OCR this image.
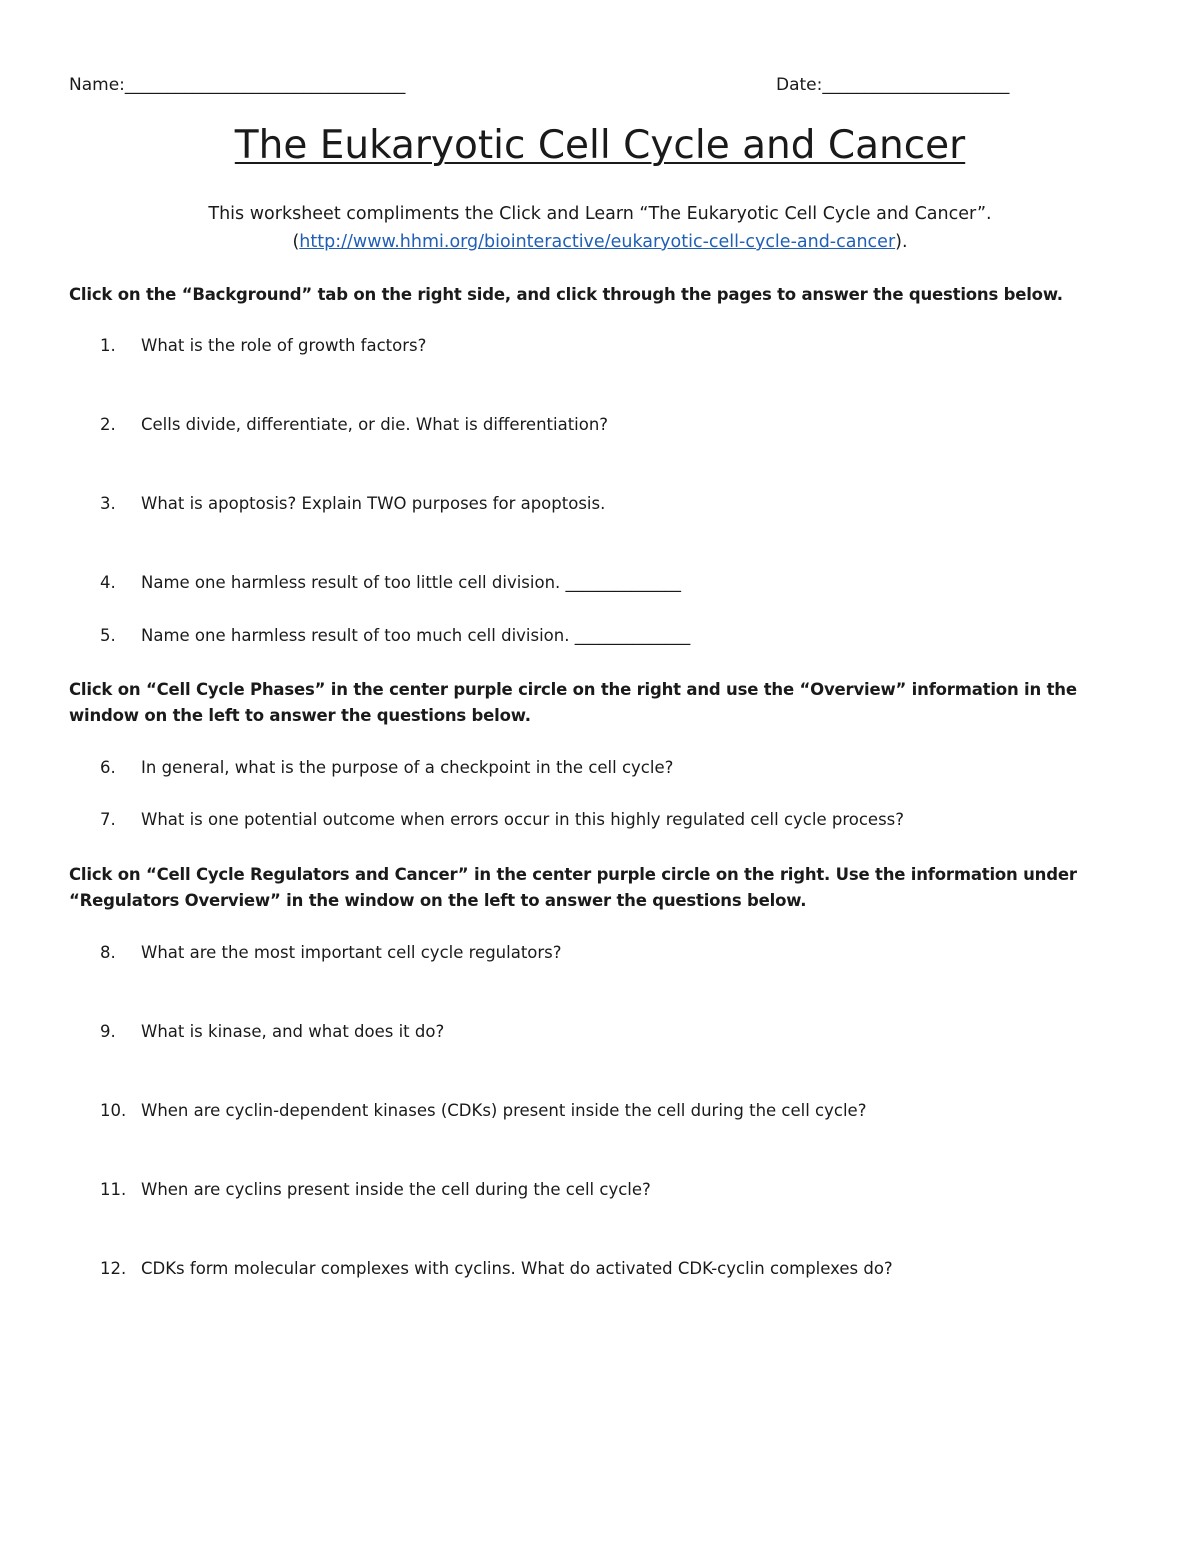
Name:_________________________________	Date:______________________
The Eukaryotic Cell Cycle and Cancer
This worksheet compliments the Click and Learn “The Eukaryotic Cell Cycle and Cancer”.
(http://www.hhmi.org/biointeractive/eukaryotic-cell-cycle-and-cancer).
Click on the “Background” tab on the right side, and click through the pages to answer the questions below.
1. What is the role of growth factors?
2. Cells divide, differentiate, or die. What is differentiation?
3. What is apoptosis? Explain TWO purposes for apoptosis.
4. Name one harmless result of too little cell division. ______________
5. Name one harmless result of too much cell division. ______________
Click on “Cell Cycle Phases” in the center purple circle on the right and use the “Overview” information in the window on the left to answer the questions below.
6. In general, what is the purpose of a checkpoint in the cell cycle?
7. What is one potential outcome when errors occur in this highly regulated cell cycle process?
Click on “Cell Cycle Regulators and Cancer” in the center purple circle on the right. Use the information under “Regulators Overview” in the window on the left to answer the questions below.
8. What are the most important cell cycle regulators?
9. What is kinase, and what does it do?
10. When are cyclin-dependent kinases (CDKs) present inside the cell during the cell cycle?
11. When are cyclins present inside the cell during the cell cycle?
12. CDKs form molecular complexes with cyclins. What do activated CDK-cyclin complexes do?
